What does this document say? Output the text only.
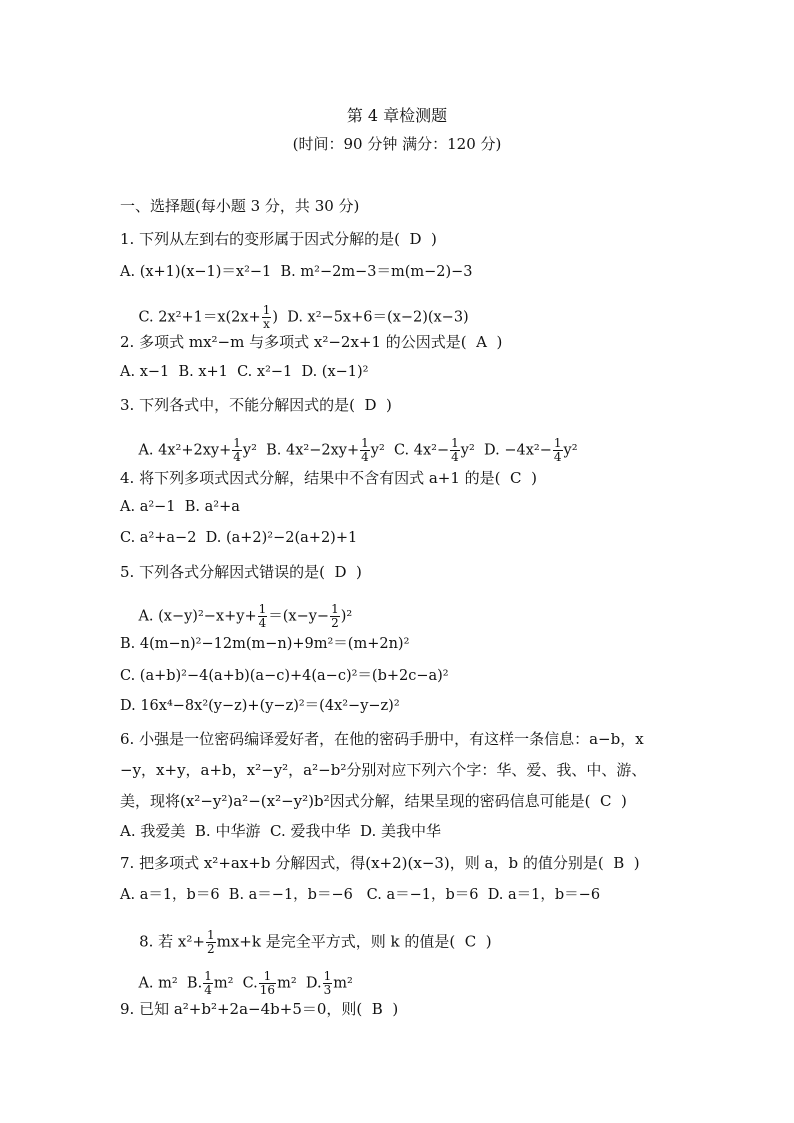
第 4 章检测题
(时间：90 分钟 满分：120 分)
一、选择题(每小题 3 分，共 30 分)
1. 下列从左到右的变形属于因式分解的是(  D  )
A. (x+1)(x−1)＝x²−1  B. m²−2m−3＝m(m−2)−3

C. $2x^2+1=x(2x+ \frac{1}{x}$ )  D. x²−5x+6＝(x−2)(x−3)

2. 多项式 mx²−m 与多项式 x²−2x+1 的公因式是(  A  )
A. x−1  B. x+1  C. x²−1  D. (x−1)²
3. 下列各式中，不能分解因式的是(  D  )

A. $4x^2+2xy+ \frac{1}{4} y^2$  B. $4x^2-2xy+ \frac{1}{4} y^2$  C. $4x^2- \frac{1}{4} y^2$  D. $-4x^2- \frac{1}{4} y^2$

4. 将下列多项式因式分解，结果中不含有因式 a+1 的是(  C  )
A. a²−1  B. a²+a
C. a²+a−2  D. (a+2)²−2(a+2)+1
5. 下列各式分解因式错误的是(  D  )

A. $(x-y)^2-x+y+ \frac{1}{4} =(x-y- \frac{1}{2} )^2$

B. 4(m−n)²−12m(m−n)+9m²＝(m+2n)²
C. (a+b)²−4(a+b)(a−c)+4(a−c)²＝(b+2c−a)²
D. 16x⁴−8x²(y−z)+(y−z)²＝(4x²−y−z)²
6. 小强是一位密码编译爱好者，在他的密码手册中，有这样一条信息：a−b，x
−y，x+y，a+b，x²−y²，a²−b²分别对应下列六个字：华、爱、我、中、游、
美，现将(x²−y²)a²−(x²−y²)b²因式分解，结果呈现的密码信息可能是(  C  )
A. 我爱美  B. 中华游  C. 爱我中华  D. 美我中华
7. 把多项式 x²+ax+b 分解因式，得(x+2)(x−3)，则 a，b 的值分别是(  B  )
A. a＝1，b＝6  B. a＝−1，b＝−6   C. a＝−1，b＝6  D. a＝1，b＝−6

8. 若 $x^2+ \frac{1}{2} mx+k$ 是完全平方式，则 k 的值是(  C  )

A. m²  B. $\frac{1}{4} m^2$  C. $\frac{1}{16} m^2$  D. $\frac{1}{3} m^2$

9. 已知 a²+b²+2a−4b+5＝0，则(  B  )
